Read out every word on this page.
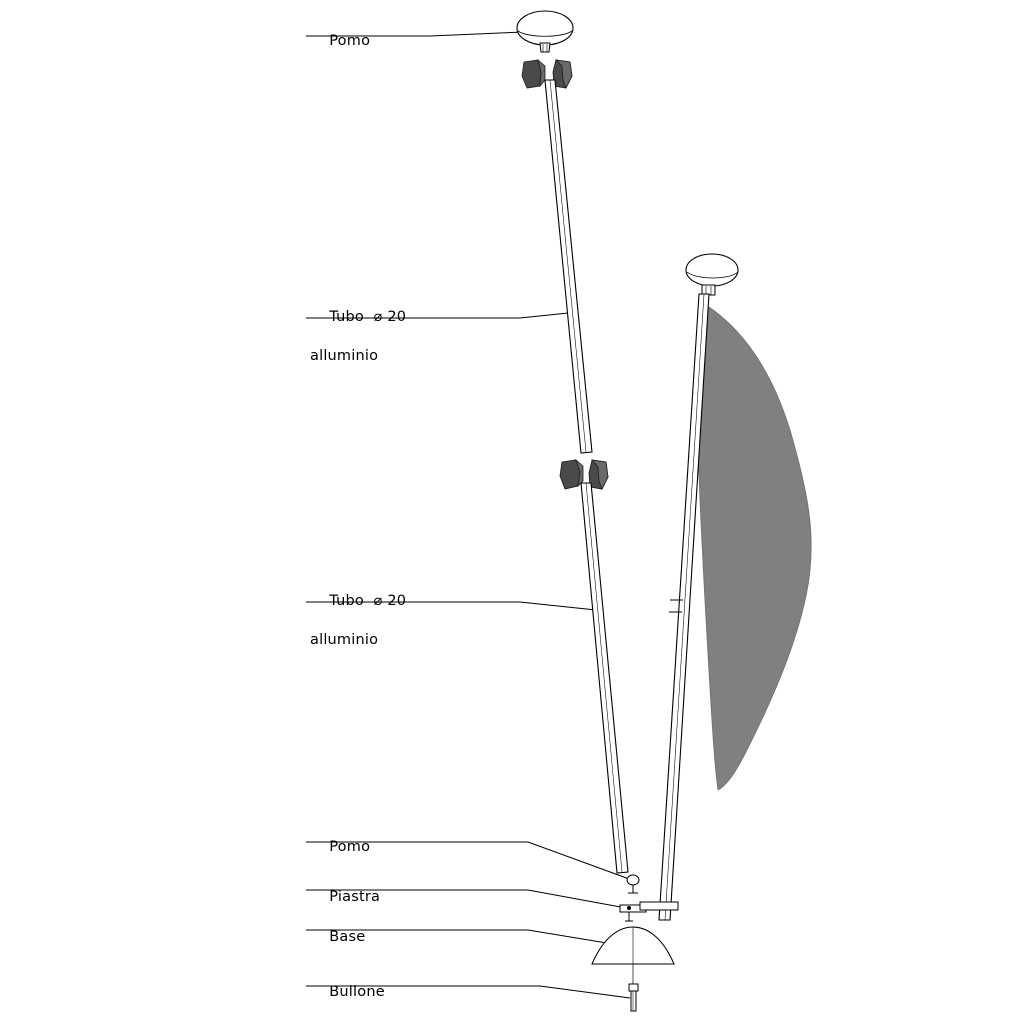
Pomo

Tubo  ⌀ 20

alluminio

Tubo  ⌀ 20

alluminio

Pomo

Piastra

Base

Bullone
